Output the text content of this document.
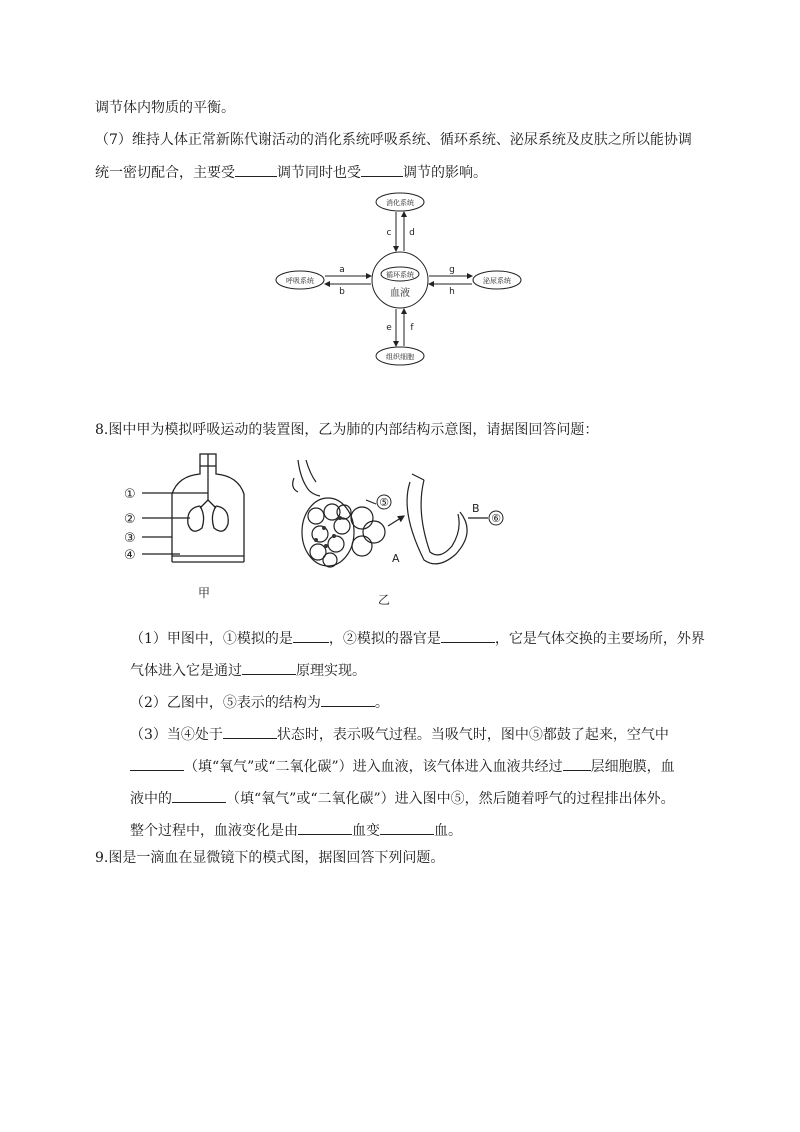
调节体内物质的平衡。
（7）维持人体正常新陈代谢活动的消化系统呼吸系统、循环系统、泌尿系统及皮肤之所以能协调
统一密切配合，主要受	调节同时也受	调节的影响。
消化系统
呼吸系统	泌尿系统
组织细胞
循环系统
血液
c d
a
b
g
h
e f
8.图中甲为模拟呼吸运动的装置图，乙为肺的内部结构示意图，请据图回答问题：
①
②
③
④
甲
⑤	B
⑥
A
乙
（1）甲图中，①模拟的是	，②模拟的器官是	，它是气体交换的主要场所，外界
气体进入它是通过	原理实现。
（2）乙图中，⑤表示的结构为	。
（3）当④处于	状态时，表示吸气过程。当吸气时，图中⑤都鼓了起来，空气中
（填“氧气”或“二氧化碳”）进入血液，该气体进入血液共经过 层细胞膜，血
液中的	（填“氧气”或“二氧化碳”）进入图中⑤，然后随着呼气的过程排出体外。
整个过程中，血液变化是由	血变	血。
9.图是一滴血在显微镜下的模式图，据图回答下列问题。
